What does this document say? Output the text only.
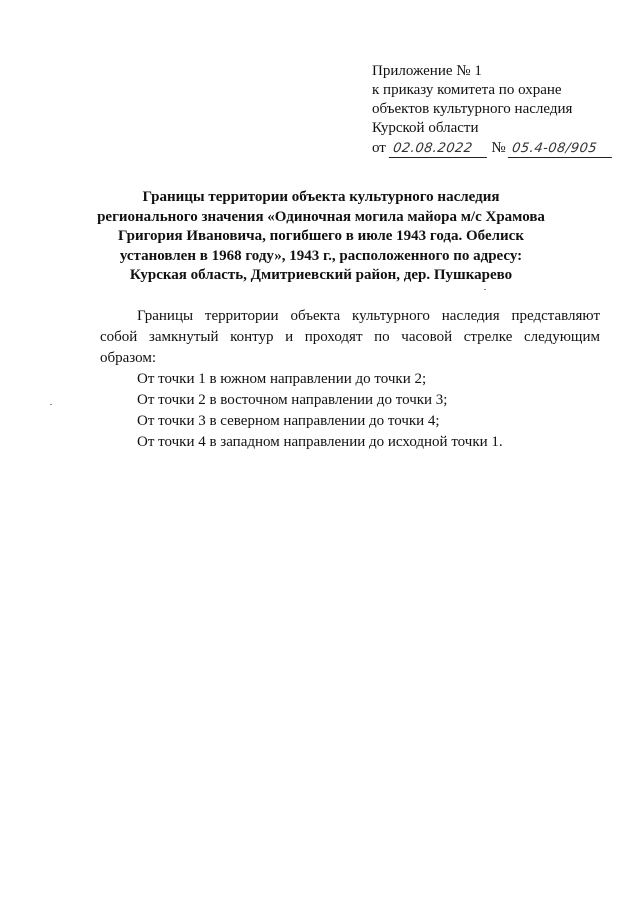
Приложение № 1
к приказу комитета по охране
объектов культурного наследия
Курской области
от 02.08.2022 № 05.4-08/905
Границы территории объекта культурного наследия
регионального значения «Одиночная могила майора м/с Храмова
Григория Ивановича, погибшего в июле 1943 года. Обелиск
установлен в 1968 году», 1943 г., расположенного по адресу:
Курская область, Дмитриевский район, дер. Пушкарево
Границы территории объекта культурного наследия представляют
собой замкнутый контур и проходят по часовой стрелке следующим
образом:
От точки 1 в южном направлении до точки 2;
От точки 2 в восточном направлении до точки 3;
От точки 3 в северном направлении до точки 4;
От точки 4 в западном направлении до исходной точки 1.
